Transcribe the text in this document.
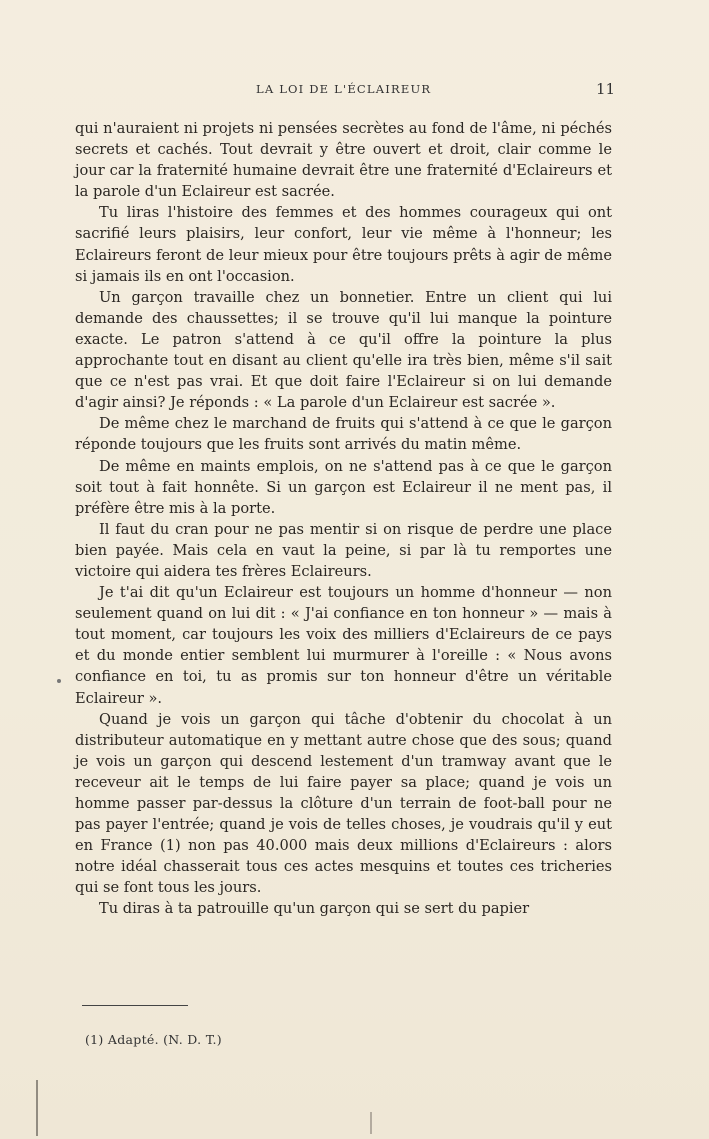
LA LOI DE L'ÉCLAIREUR	11

qui n'auraient ni projets ni pensées secrètes au fond de l'âme, ni péchés secrets et cachés. Tout devrait y être ouvert et droit, clair comme le jour car la fraternité humaine devrait être une fraternité d'Eclaireurs et la parole d'un Eclaireur est sacrée.

Tu liras l'histoire des femmes et des hommes courageux qui ont sacrifié leurs plaisirs, leur confort, leur vie même à l'honneur; les Eclaireurs feront de leur mieux pour être toujours prêts à agir de même si jamais ils en ont l'occasion.

Un garçon travaille chez un bonnetier. Entre un client qui lui demande des chaussettes; il se trouve qu'il lui manque la pointure exacte. Le patron s'attend à ce qu'il offre la pointure la plus approchante tout en disant au client qu'elle ira très bien, même s'il sait que ce n'est pas vrai. Et que doit faire l'Eclaireur si on lui demande d'agir ainsi? Je réponds : « La parole d'un Eclaireur est sacrée ».

De même chez le marchand de fruits qui s'attend à ce que le garçon réponde toujours que les fruits sont arrivés du matin même.

De même en maints emplois, on ne s'attend pas à ce que le garçon soit tout à fait honnête. Si un garçon est Eclaireur il ne ment pas, il préfère être mis à la porte.

Il faut du cran pour ne pas mentir si on risque de perdre une place bien payée. Mais cela en vaut la peine, si par là tu remportes une victoire qui aidera tes frères Eclaireurs.

Je t'ai dit qu'un Eclaireur est toujours un homme d'honneur — non seulement quand on lui dit : « J'ai confiance en ton honneur » — mais à tout moment, car toujours les voix des milliers d'Eclaireurs de ce pays et du monde entier semblent lui murmurer à l'oreille : « Nous avons confiance en toi, tu as promis sur ton honneur d'être un véritable Eclaireur ».

Quand je vois un garçon qui tâche d'obtenir du chocolat à un distributeur automatique en y mettant autre chose que des sous; quand je vois un garçon qui descend lestement d'un tramway avant que le receveur ait le temps de lui faire payer sa place; quand je vois un homme passer par-dessus la clôture d'un terrain de foot-ball pour ne pas payer l'entrée; quand je vois de telles choses, je voudrais qu'il y eut en France (1) non pas 40.000 mais deux millions d'Eclaireurs : alors notre idéal chasserait tous ces actes mesquins et toutes ces tricheries qui se font tous les jours.

Tu diras à ta patrouille qu'un garçon qui se sert du papier

(1) Adapté. (N. D. T.)
